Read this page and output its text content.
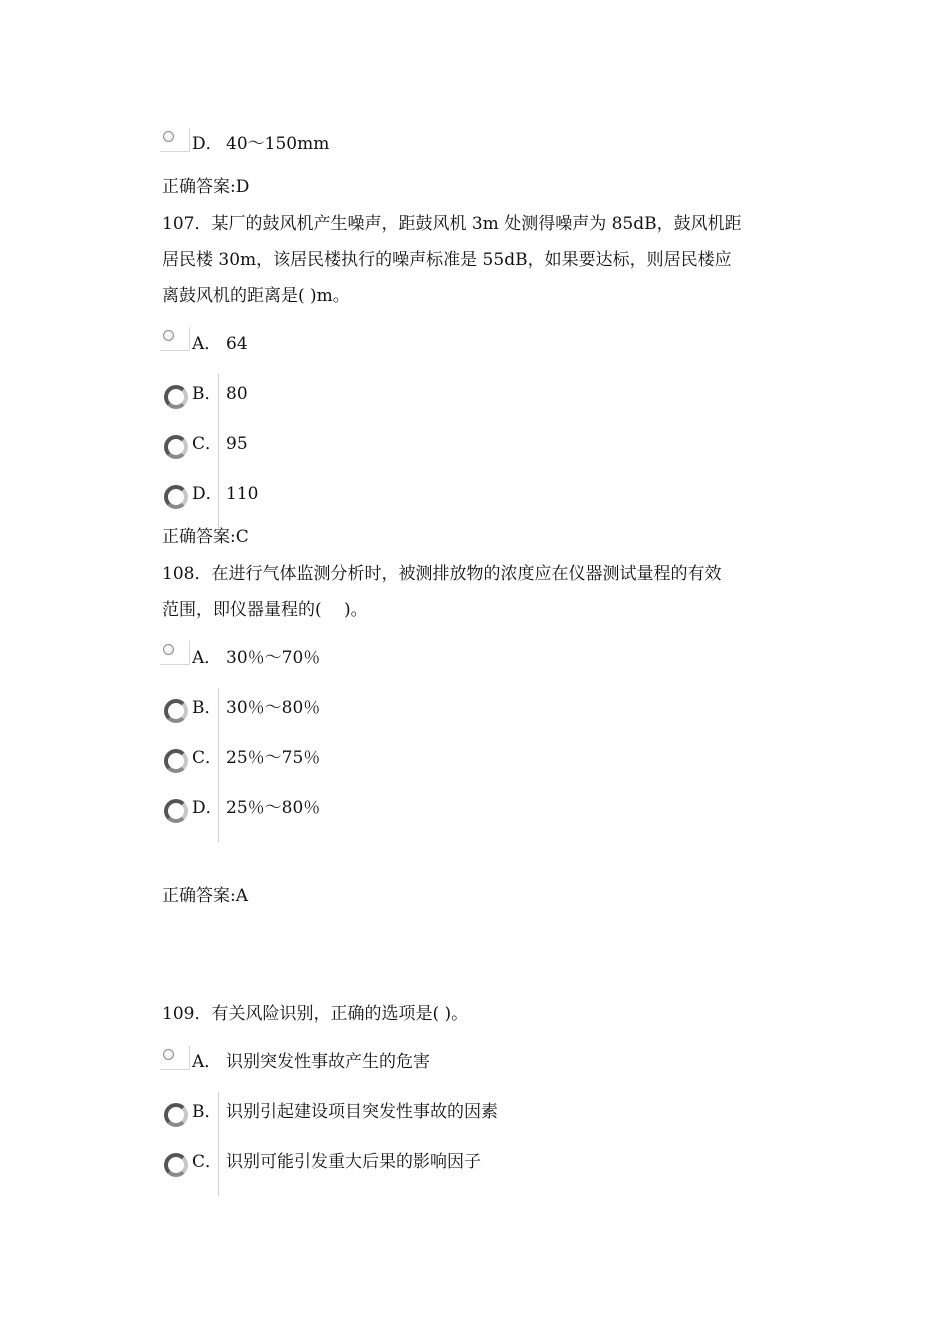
D． 40～150mm
正确答案:D
107．某厂的鼓风机产生噪声，距鼓风机 3m 处测得噪声为 85dB，鼓风机距
居民楼 30m，该居民楼执行的噪声标准是 55dB，如果要达标，则居民楼应
离鼓风机的距离是( )m。
A． 64
B． 80
C． 95
D． 110
正确答案:C
108．在进行气体监测分析时，被测排放物的浓度应在仪器测试量程的有效
范围，即仪器量程的(　 )。
A． 30％～70％
B． 30％～80％
C． 25％～75％
D． 25％～80％
正确答案:A
109．有关风险识别，正确的选项是( )。
A． 识别突发性事故产生的危害
B． 识别引起建设项目突发性事故的因素
C． 识别可能引发重大后果的影响因子
